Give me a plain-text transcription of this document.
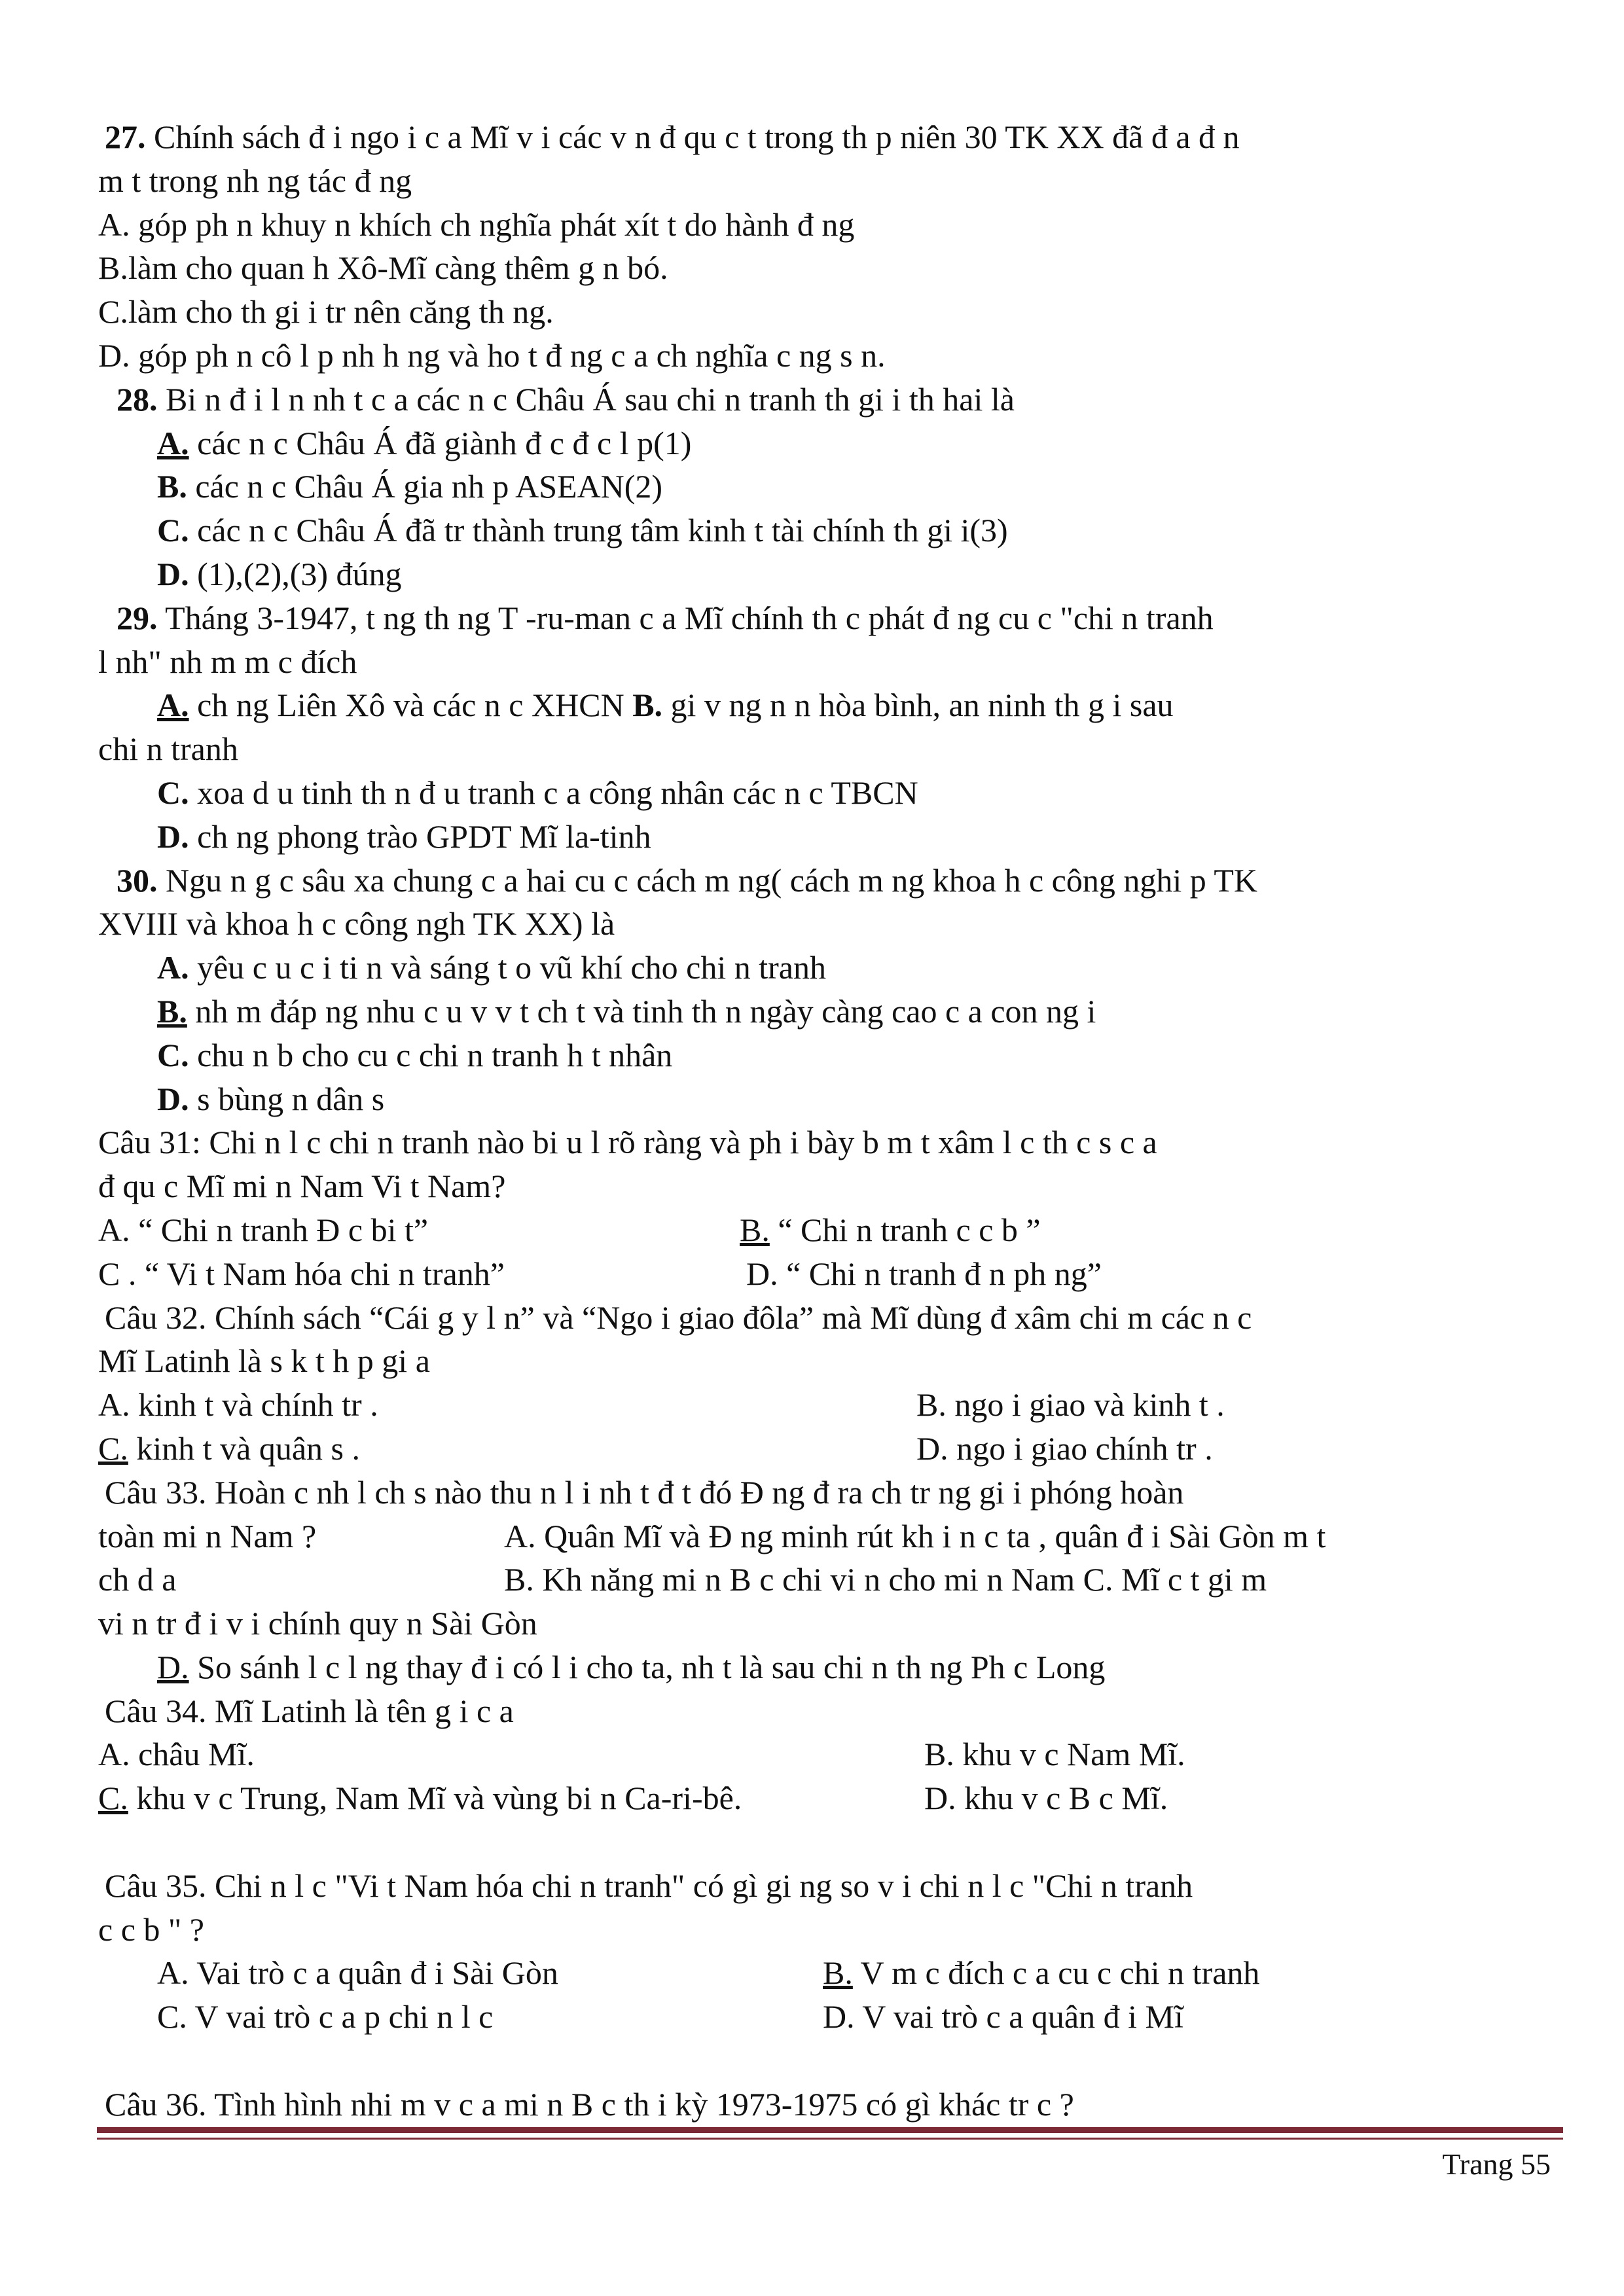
27. Chính sách đ i ngo i c a Mĩ v i các v n đ qu c t trong th p niên 30 TK XX đã đ a đ n
m t trong nh ng tác đ ng
A. góp ph n khuy n khích ch nghĩa phát xít t do hành đ ng
B.làm cho quan h Xô-Mĩ càng thêm g n bó.
C.làm cho th gi i tr nên căng th ng.
D. góp ph n cô l p nh h ng và ho t đ ng c a ch nghĩa c ng s n.
28. Bi n đ i l n nh t c a các n c Châu Á sau chi n tranh th gi i th hai là
A. các n c Châu Á đã giành đ c đ c l p(1)
B. các n c Châu Á gia nh p ASEAN(2)
C. các n c Châu Á đã tr thành trung tâm kinh t tài chính th gi i(3)
D. (1),(2),(3) đúng
29. Tháng 3-1947, t ng th ng T -ru-man c a Mĩ chính th c phát đ ng cu c "chi n tranh
l nh" nh m m c đích
A. ch ng Liên Xô và các n c XHCN B. gi v ng n n hòa bình, an ninh th g i sau
chi n tranh
C. xoa d u tinh th n đ u tranh c a công nhân các n c TBCN
D. ch ng phong trào GPDT Mĩ la-tinh
30. Ngu n g c sâu xa chung c a hai cu c cách m ng( cách m ng khoa h c công nghi p TK
XVIII và khoa h c công ngh TK XX) là
A. yêu c u c i ti n và sáng t o vũ khí cho chi n tranh
B. nh m đáp ng nhu c u v v t ch t và tinh th n ngày càng cao c a con ng i
C. chu n b cho cu c chi n tranh h t nhân
D. s bùng n dân s
Câu 31: Chi n l c chi n tranh nào bi u l rõ ràng và ph i bày b m t xâm l c th c s c a
đ qu c Mĩ mi n Nam Vi t Nam?
A. “ Chi n tranh Đ c bi t”	B. “ Chi n tranh c c b ”
C . “ Vi t Nam hóa chi n tranh”	D. “ Chi n tranh đ n ph ng”
Câu 32. Chính sách “Cái g y l n” và “Ngo i giao đôla” mà Mĩ dùng đ xâm chi m các n c
Mĩ Latinh là s k t h p gi a
A. kinh t và chính tr .	B. ngo i giao và kinh t .
C. kinh t và quân s .	D. ngo i giao chính tr .
Câu 33. Hoàn c nh l ch s nào thu n l i nh t đ t đó Đ ng đ ra ch tr ng gi i phóng hoàn
toàn mi n Nam ?	A. Quân Mĩ và Đ ng minh rút kh i n c ta , quân đ i Sài Gòn m t
ch d a	B. Kh năng mi n B c chi vi n cho mi n Nam C. Mĩ c t gi m
vi n tr đ i v i chính quy n Sài Gòn
D. So sánh l c l ng thay đ i có l i cho ta, nh t là sau chi n th ng Ph c Long
Câu 34. Mĩ Latinh là tên g i c a
A. châu Mĩ.	B. khu v c Nam Mĩ.
C. khu v c Trung, Nam Mĩ và vùng bi n Ca-ri-bê.	D. khu v c B c Mĩ.
Câu 35. Chi n l c "Vi t Nam hóa chi n tranh" có gì gi ng so v i chi n l c "Chi n tranh
c c b " ?
A. Vai trò c a quân đ i Sài Gòn	B. V m c đích c a cu c chi n tranh
C. V vai trò c a p chi n l c	D. V vai trò c a quân đ i Mĩ
Câu 36. Tình hình nhi m v c a mi n B c th i kỳ 1973-1975 có gì khác tr c ?
Trang 55
